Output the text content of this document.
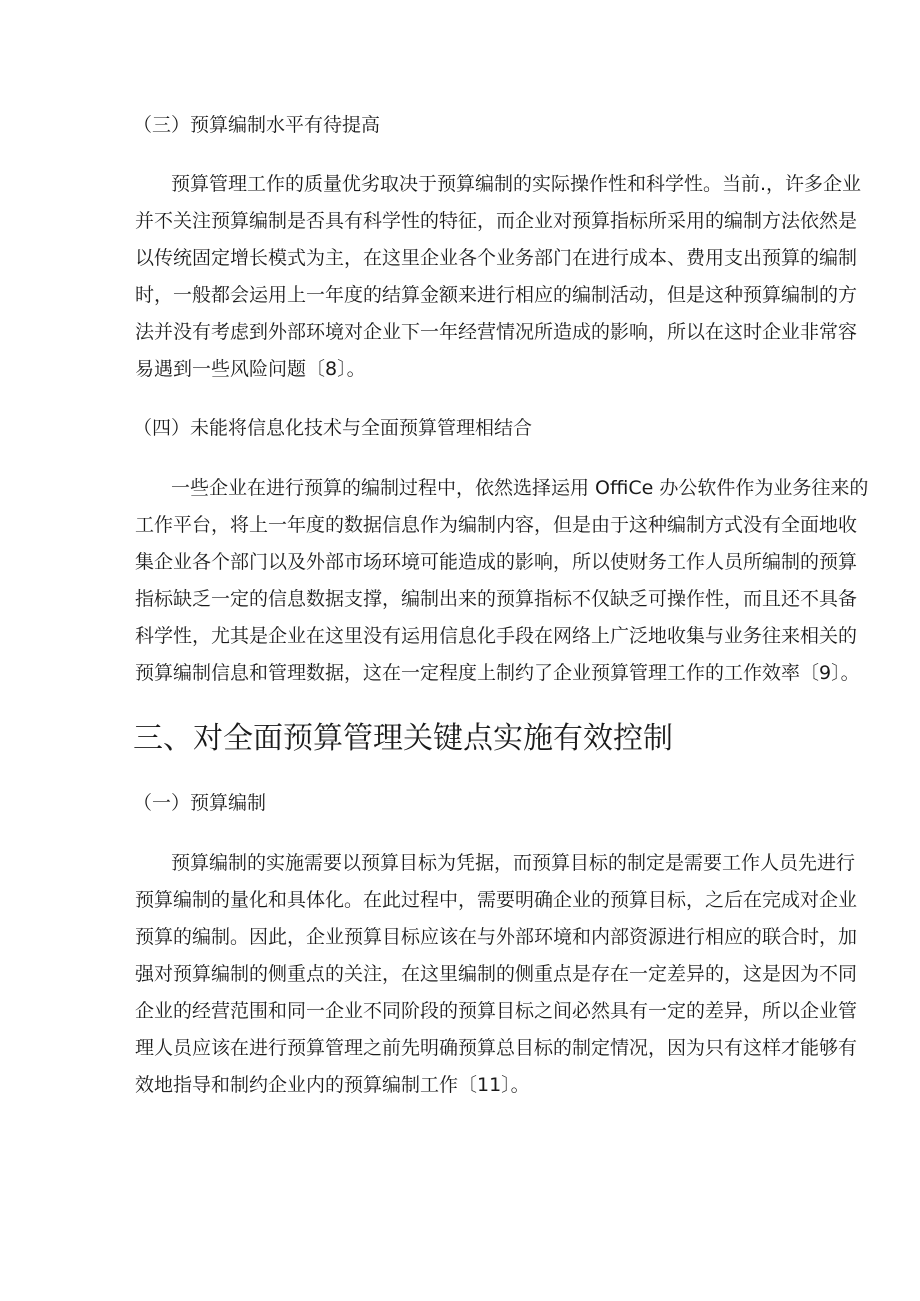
（三）预算编制水平有待提高
预算管理工作的质量优劣取决于预算编制的实际操作性和科学性。当前.，许多企业
并不关注预算编制是否具有科学性的特征，而企业对预算指标所采用的编制方法依然是
以传统固定增长模式为主，在这里企业各个业务部门在进行成本、费用支出预算的编制
时，一般都会运用上一年度的结算金额来进行相应的编制活动，但是这种预算编制的方
法并没有考虑到外部环境对企业下一年经营情况所造成的影响，所以在这时企业非常容
易遇到一些风险问题〔8〕。
（四）未能将信息化技术与全面预算管理相结合
一些企业在进行预算的编制过程中，依然选择运用 OffiCe 办公软件作为业务往来的
工作平台，将上一年度的数据信息作为编制内容，但是由于这种编制方式没有全面地收
集企业各个部门以及外部市场环境可能造成的影响，所以使财务工作人员所编制的预算
指标缺乏一定的信息数据支撑，编制出来的预算指标不仅缺乏可操作性，而且还不具备
科学性，尤其是企业在这里没有运用信息化手段在网络上广泛地收集与业务往来相关的
预算编制信息和管理数据，这在一定程度上制约了企业预算管理工作的工作效率〔9〕。
三、对全面预算管理关键点实施有效控制
（一）预算编制
预算编制的实施需要以预算目标为凭据，而预算目标的制定是需要工作人员先进行
预算编制的量化和具体化。在此过程中，需要明确企业的预算目标，之后在完成对企业
预算的编制。因此，企业预算目标应该在与外部环境和内部资源进行相应的联合时，加
强对预算编制的侧重点的关注，在这里编制的侧重点是存在一定差异的，这是因为不同
企业的经营范围和同一企业不同阶段的预算目标之间必然具有一定的差异，所以企业管
理人员应该在进行预算管理之前先明确预算总目标的制定情况，因为只有这样才能够有
效地指导和制约企业内的预算编制工作〔11〕。
